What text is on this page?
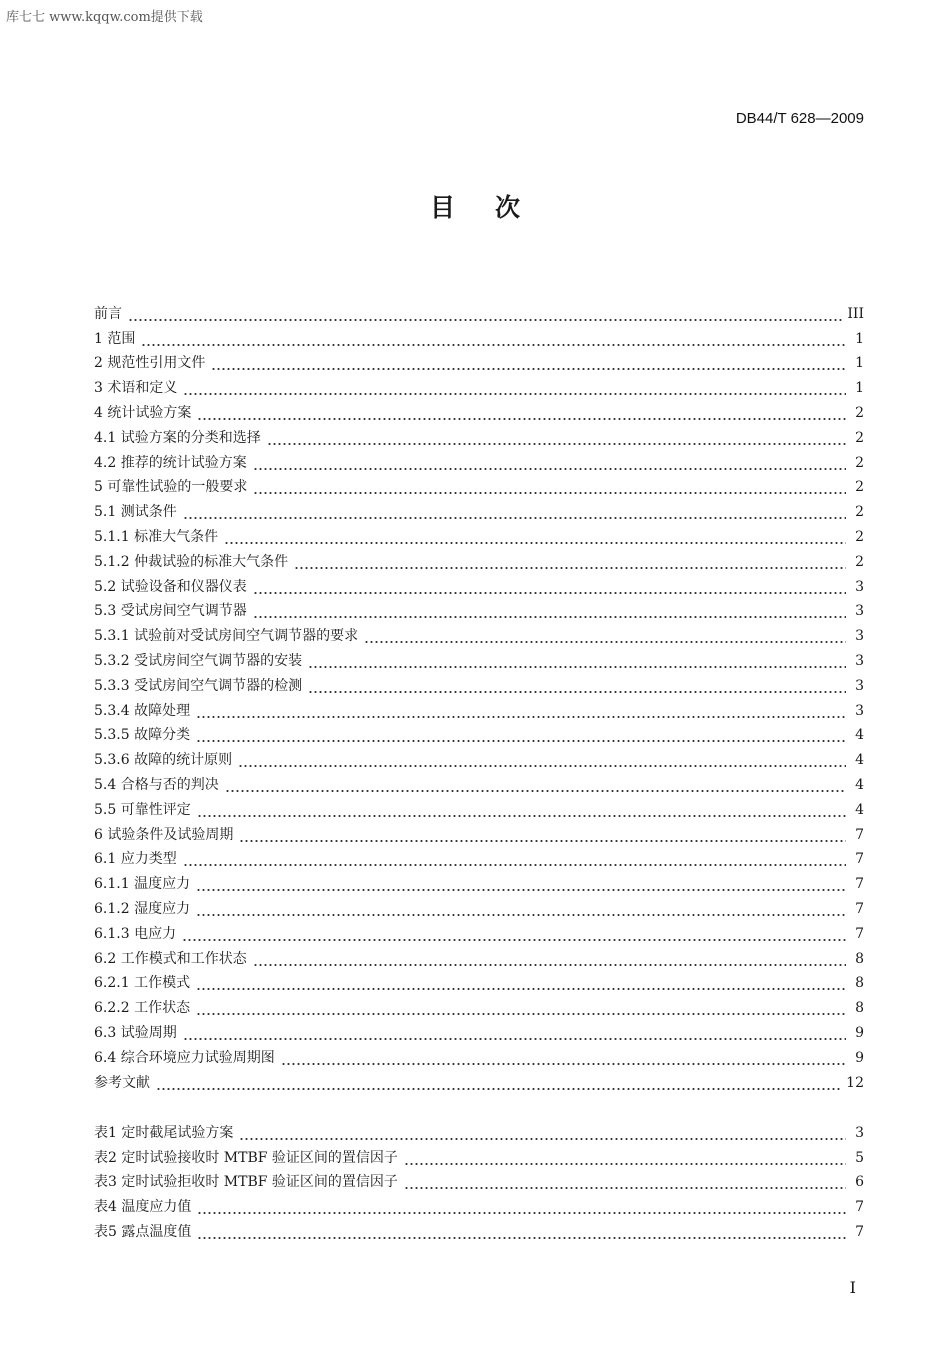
库七七 www.kqqw.com提供下载
DB44/T 628—2009
目次
前言	III
1 范围	1
2 规范性引用文件	1
3 术语和定义	1
4 统计试验方案	2
4.1 试验方案的分类和选择	2
4.2 推荐的统计试验方案	2
5 可靠性试验的一般要求	2
5.1 测试条件	2
5.1.1 标准大气条件	2
5.1.2 仲裁试验的标准大气条件	2
5.2 试验设备和仪器仪表	3
5.3 受试房间空气调节器	3
5.3.1 试验前对受试房间空气调节器的要求	3
5.3.2 受试房间空气调节器的安装	3
5.3.3 受试房间空气调节器的检测	3
5.3.4 故障处理	3
5.3.5 故障分类	4
5.3.6 故障的统计原则	4
5.4 合格与否的判决	4
5.5 可靠性评定	4
6 试验条件及试验周期	7
6.1 应力类型	7
6.1.1 温度应力	7
6.1.2 湿度应力	7
6.1.3 电应力	7
6.2 工作模式和工作状态	8
6.2.1 工作模式	8
6.2.2 工作状态	8
6.3 试验周期	9
6.4 综合环境应力试验周期图	9
参考文献	12
表1 定时截尾试验方案	3
表2 定时试验接收时 MTBF 验证区间的置信因子	5
表3 定时试验拒收时 MTBF 验证区间的置信因子	6
表4 温度应力值	7
表5 露点温度值	7
I
